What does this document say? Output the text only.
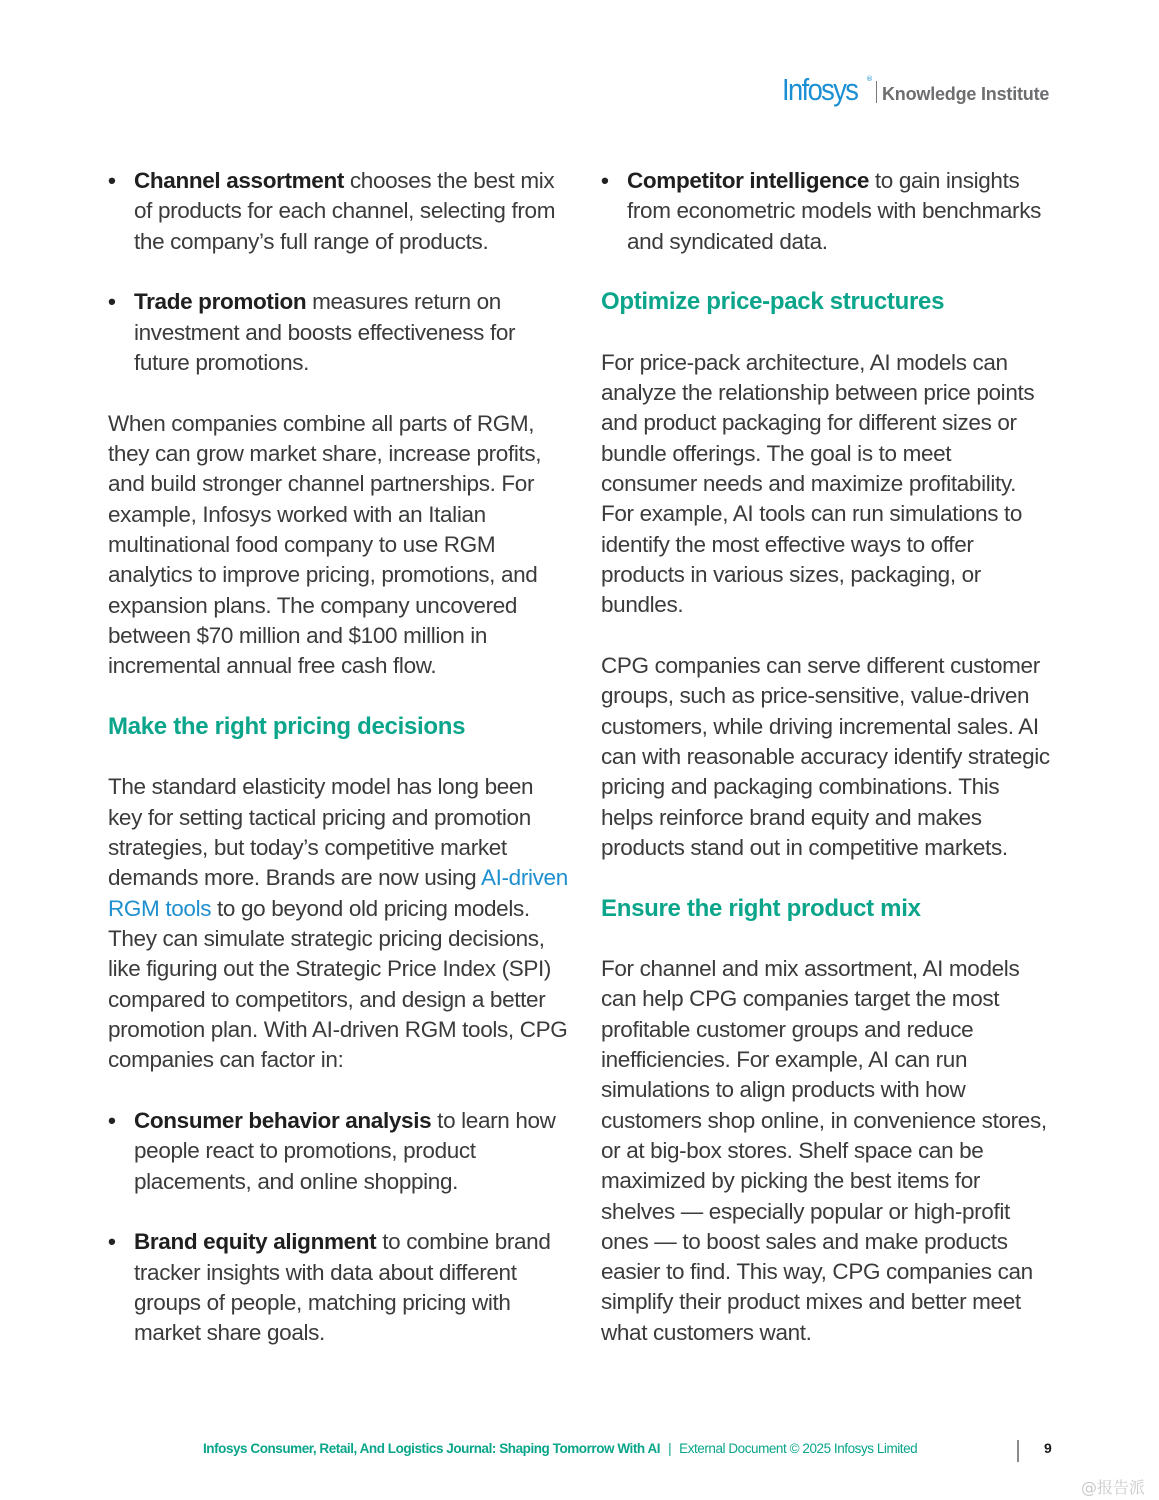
Infosys ®
Knowledge Institute

• Channel assortment chooses the best mix of products for each channel, selecting from the company’s full range of products.

• Trade promotion measures return on investment and boosts effectiveness for future promotions.

When companies combine all parts of RGM, they can grow market share, increase profits, and build stronger channel partnerships. For example, Infosys worked with an Italian multinational food company to use RGM analytics to improve pricing, promotions, and expansion plans. The company uncovered between $70 million and $100 million in incremental annual free cash flow.

Make the right pricing decisions

The standard elasticity model has long been key for setting tactical pricing and promotion strategies, but today’s competitive market demands more. Brands are now using AI-driven RGM tools to go beyond old pricing models. They can simulate strategic pricing decisions, like figuring out the Strategic Price Index (SPI) compared to competitors, and design a better promotion plan. With AI-driven RGM tools, CPG companies can factor in:

• Consumer behavior analysis to learn how people react to promotions, product placements, and online shopping.

• Brand equity alignment to combine brand tracker insights with data about different groups of people, matching pricing with market share goals.

• Competitor intelligence to gain insights from econometric models with benchmarks and syndicated data.

Optimize price-pack structures

For price-pack architecture, AI models can analyze the relationship between price points and product packaging for different sizes or bundle offerings. The goal is to meet consumer needs and maximize profitability. For example, AI tools can run simulations to identify the most effective ways to offer products in various sizes, packaging, or bundles.

CPG companies can serve different customer groups, such as price-sensitive, value-driven customers, while driving incremental sales. AI can with reasonable accuracy identify strategic pricing and packaging combinations. This helps reinforce brand equity and makes products stand out in competitive markets.

Ensure the right product mix

For channel and mix assortment, AI models can help CPG companies target the most profitable customer groups and reduce inefficiencies. For example, AI can run simulations to align products with how customers shop online, in convenience stores, or at big-box stores. Shelf space can be maximized by picking the best items for shelves — especially popular or high-profit ones — to boost sales and make products easier to find. This way, CPG companies can simplify their product mixes and better meet what customers want.

Infosys Consumer, Retail, And Logistics Journal: Shaping Tomorrow With AI | External Document © 2025 Infosys Limited	9
@报告派
